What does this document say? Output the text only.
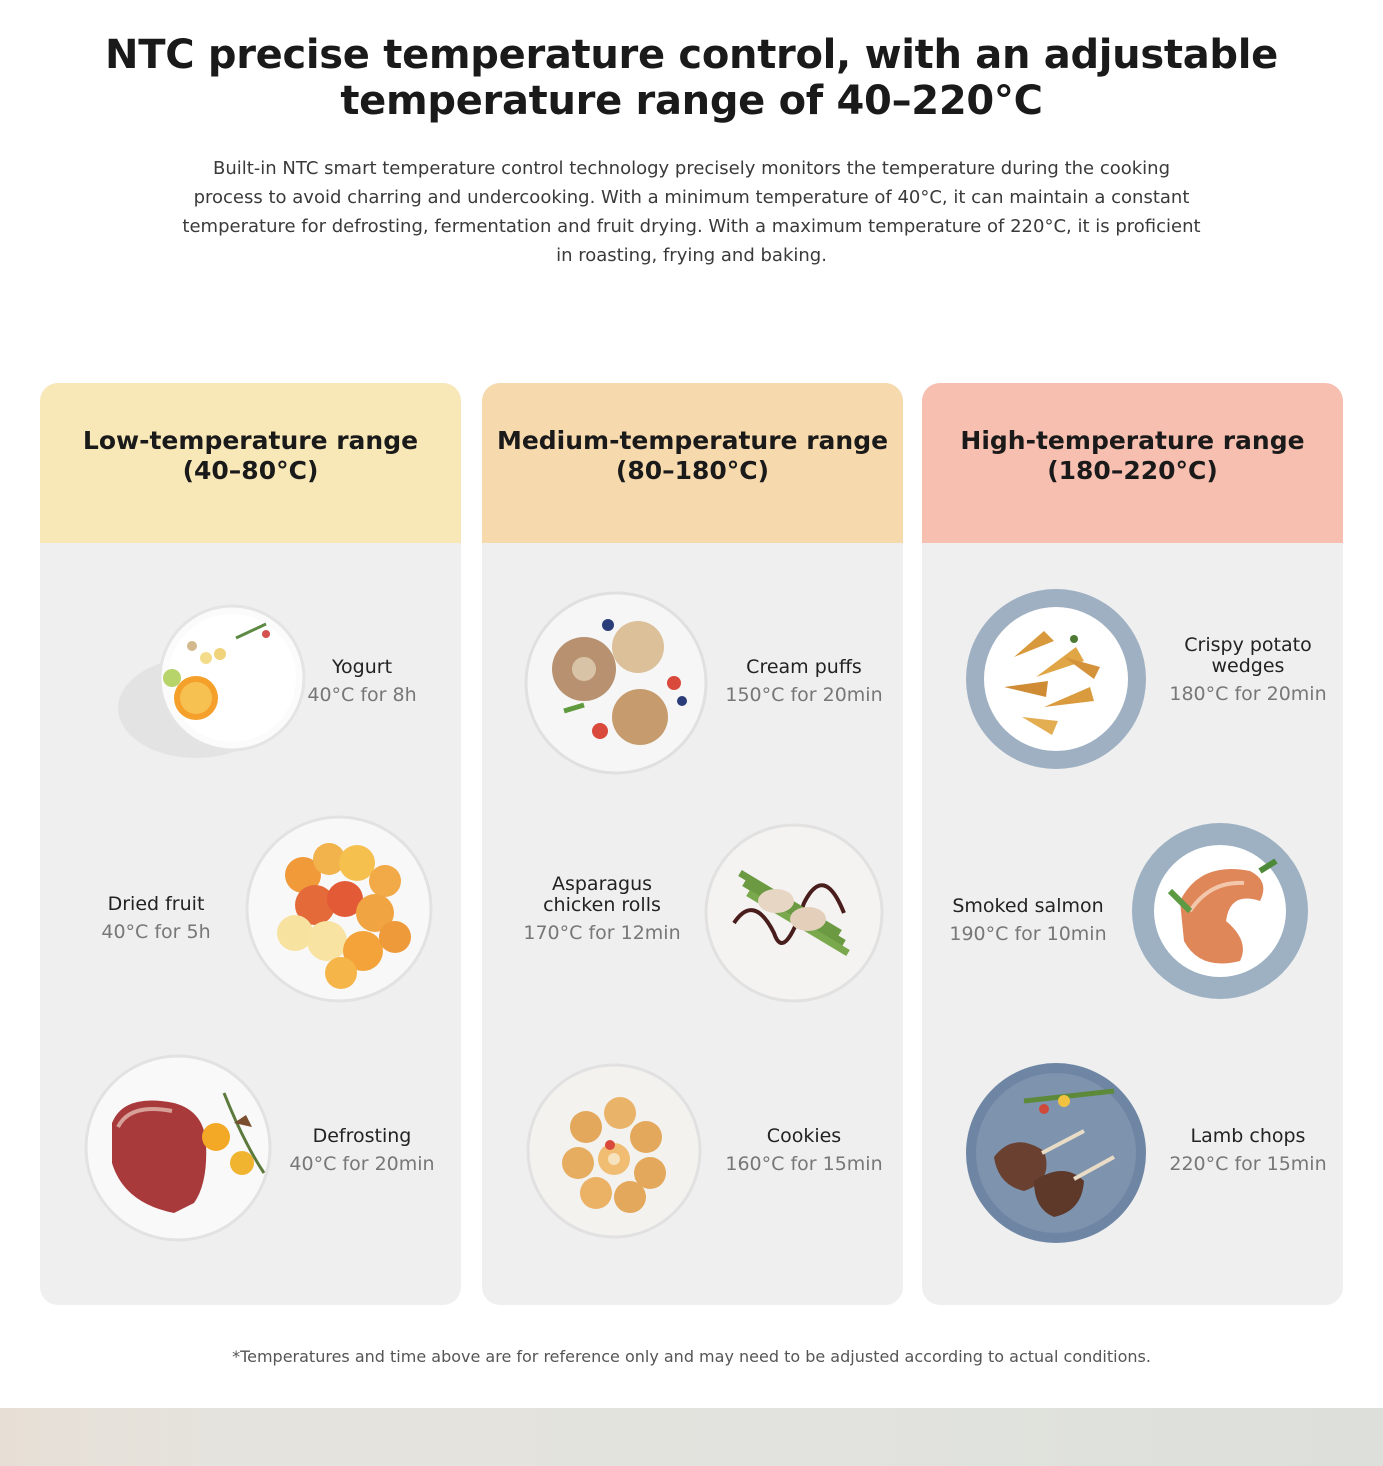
NTC precise temperature control, with an adjustable
temperature range of 40–220°C

Built-in NTC smart temperature control technology precisely monitors the temperature during the cooking process to avoid charring and undercooking. With a minimum temperature of 40°C, it can maintain a constant temperature for defrosting, fermentation and fruit drying. With a maximum temperature of 220°C, it is proficient in roasting, frying and baking.

Low-temperature range
(40–80°C)
Yogurt
40°C for 8h
Dried fruit
40°C for 5h
Defrosting
40°C for 20min
Medium-temperature range
(80–180°C)
Cream puffs
150°C for 20min
Asparagus chicken rolls
170°C for 12min
Cookies
160°C for 15min
High-temperature range
(180–220°C)
Crispy potato wedges
180°C for 20min
Smoked salmon
190°C for 10min
Lamb chops
220°C for 15min
*Temperatures and time above are for reference only and may need to be adjusted according to actual conditions.
